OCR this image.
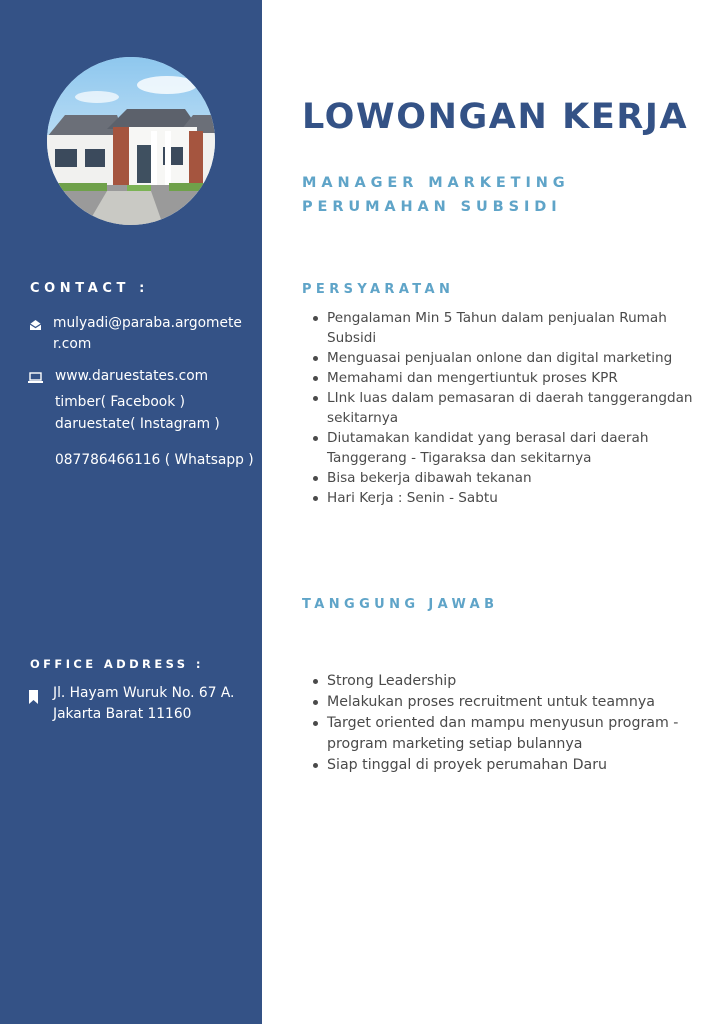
CONTACT :
mulyadi@paraba.argometer.com
www.daruestates.com
timber( Facebook )
daruestate( Instagram )
087786466116 ( Whatsapp )
OFFICE ADDRESS :
Jl. Hayam Wuruk No. 67 A.
Jakarta Barat 11160
LOWONGAN KERJA
MANAGER MARKETING PERUMAHAN SUBSIDI
PERSYARATAN
Pengalaman Min 5 Tahun dalam penjualan Rumah Subsidi
Menguasai penjualan onlone dan digital marketing
Memahami dan mengertiuntuk proses KPR
LInk luas dalam pemasaran di daerah tanggerangdan sekitarnya
Diutamakan kandidat yang berasal dari daerah Tanggerang - Tigaraksa dan sekitarnya
Bisa bekerja dibawah tekanan
Hari Kerja : Senin - Sabtu
TANGGUNG JAWAB
Strong Leadership
Melakukan proses recruitment untuk teamnya
Target oriented dan mampu menyusun program - program marketing setiap bulannya
Siap tinggal di proyek perumahan Daru
